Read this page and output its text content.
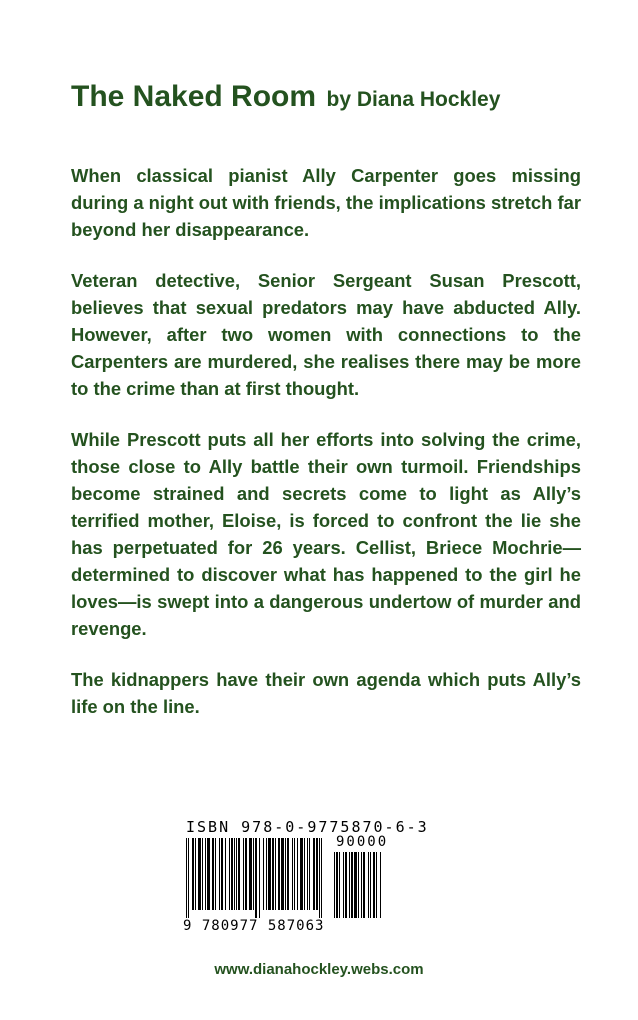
The Naked Room by Diana Hockley

When classical pianist Ally Carpenter goes missing during a night out with friends, the implications stretch far beyond her disappearance.

Veteran detective, Senior Sergeant Susan Prescott, believes that sexual predators may have abducted Ally. However, after two women with connections to the Carpenters are murdered, she realises there may be more to the crime than at first thought.

While Prescott puts all her efforts into solving the crime, those close to Ally battle their own turmoil. Friendships become strained and secrets come to light as Ally’s terrified mother, Eloise, is forced to confront the lie she has perpetuated for 26 years. Cellist, Briece Mochrie—determined to discover what has happened to the girl he loves—is swept into a dangerous undertow of murder and revenge.

The kidnappers have their own agenda which puts Ally’s life on the line.

ISBN 978-0-9775870-6-3
90000
9 780977 587063
www.dianahockley.webs.com
